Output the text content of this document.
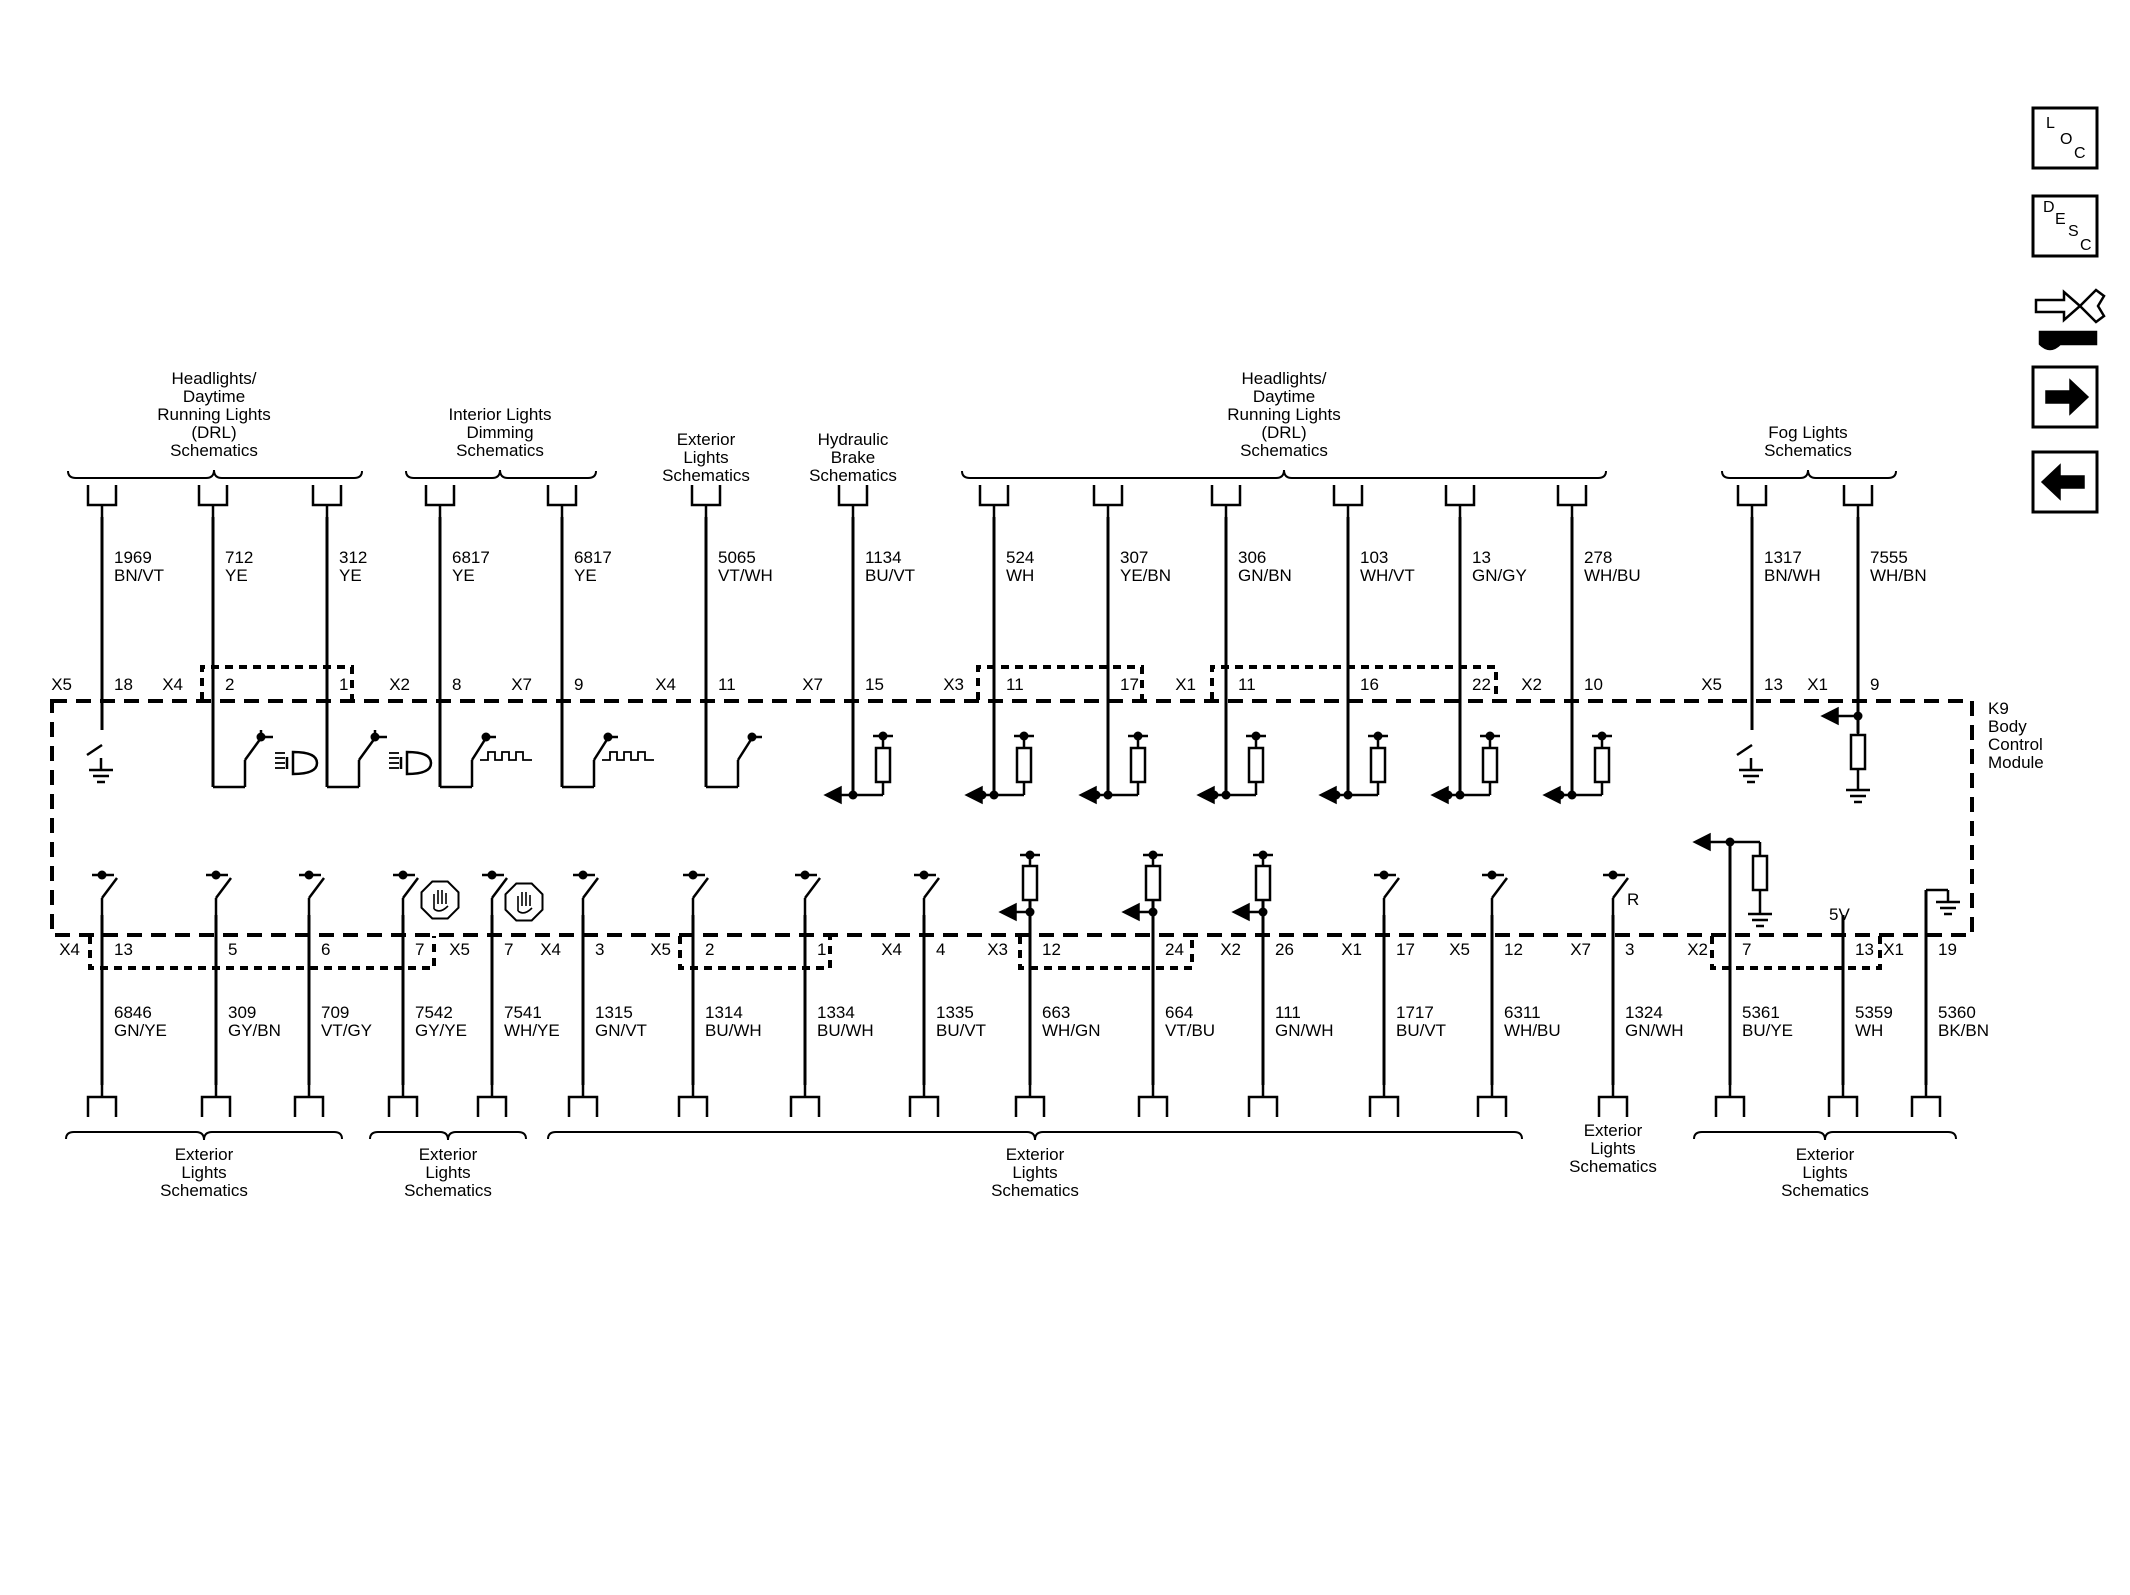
K9
Body
Control
Module
Headlights/
Daytime
Running Lights
(DRL)
Schematics
Interior Lights
Dimming
Schematics
Exterior
Lights
Schematics
Hydraulic
Brake
Schematics
Headlights/
Daytime
Running Lights
(DRL)
Schematics
Fog Lights
Schematics
1969
BN/VT
X5 18
712
YE
X4 2
312
YE
1
6817
YE
X2 8
6817
YE
X7 9
5065
VT/WH
X4 11
1134
BU/VT
X7 15
524
WH
X3 11
307
YE/BN
17
306
GN/BN
X1 11
103
WH/VT
16
13
GN/GY
22
278
WH/BU
X2 10
1317
BN/WH
X5 13
7555
WH/BN
X1 9
Exterior
Lights
Schematics
Exterior
Lights
Schematics
Exterior
Lights
Schematics
Exterior
Lights
Schematics
Exterior
Lights
Schematics
6846
GN/YE
X4 13
309
GY/BN
5
709
VT/GY
6
7542
GY/YE
7
7541
WH/YE
X5 7
1315
GN/VT
X4 3
1314
BU/WH
X5 2
1334
BU/WH
1
1335
BU/VT
X4 4
663
WH/GN
X3 12
664
VT/BU
24
111
GN/WH
X2 26
1717
BU/VT
X1 17
6311
WH/BU
X5 12
1324
GN/WH
X7 3
5361
BU/YE
X2 7
5359
WH
13
5360
BK/BN
X1 19
R
5V
L
O
C
D
E
S
C
